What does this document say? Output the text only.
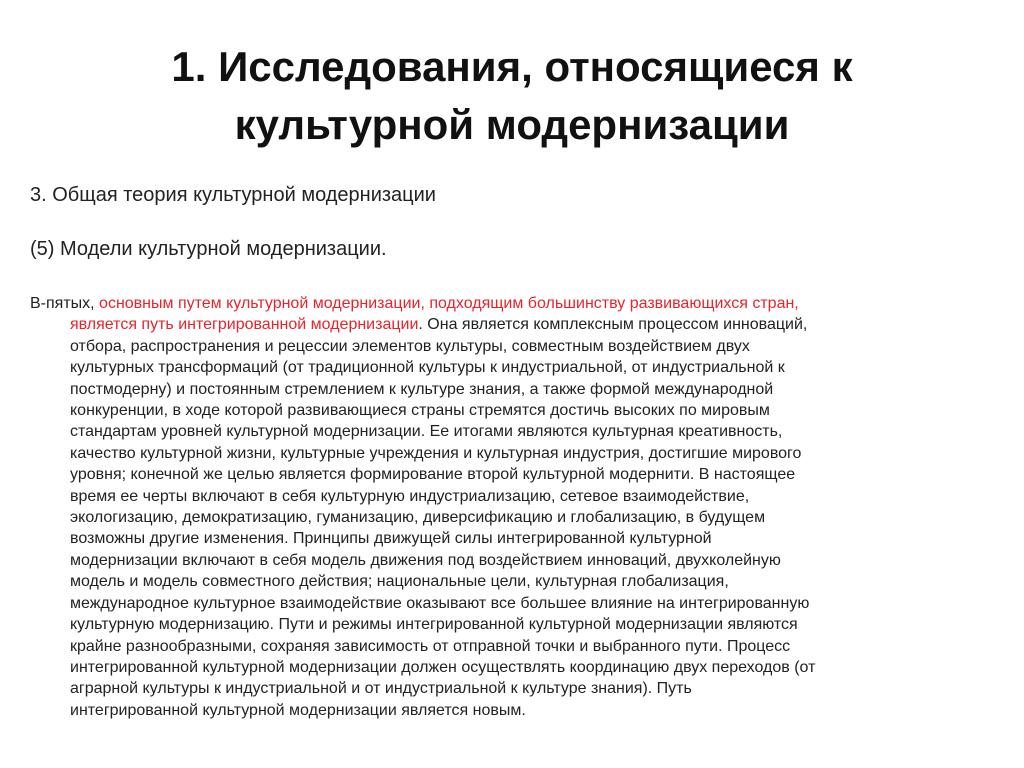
1. Исследования, относящиеся к
культурной модернизации

3. Общая теория культурной модернизации

(5) Модели культурной модернизации.

В-пятых, основным путем культурной модернизации, подходящим большинству развивающихся стран,
является путь интегрированной модернизации. Она является комплексным процессом инноваций,
отбора, распространения и рецессии элементов культуры, совместным воздействием двух
культурных трансформаций (от традиционной культуры к индустриальной, от индустриальной к
постмодерну) и постоянным стремлением к культуре знания, а также формой международной
конкуренции, в ходе которой развивающиеся страны стремятся достичь высоких по мировым
стандартам уровней культурной модернизации. Ее итогами являются культурная креативность,
качество культурной жизни, культурные учреждения и культурная индустрия, достигшие мирового
уровня; конечной же целью является формирование второй культурной модернити. В настоящее
время ее черты включают в себя культурную индустриализацию, сетевое взаимодействие,
экологизацию, демократизацию, гуманизацию, диверсификацию и глобализацию, в будущем
возможны другие изменения. Принципы движущей силы интегрированной культурной
модернизации включают в себя модель движения под воздействием инноваций, двухколейную
модель и модель совместного действия; национальные цели, культурная глобализация,
международное культурное взаимодействие оказывают все большее влияние на интегрированную
культурную модернизацию. Пути и режимы интегрированной культурной модернизации являются
крайне разнообразными, сохраняя зависимость от отправной точки и выбранного пути. Процесс
интегрированной культурной модернизации должен осуществлять координацию двух переходов (от
аграрной культуры к индустриальной и от индустриальной к культуре знания). Путь
интегрированной культурной модернизации является новым.
